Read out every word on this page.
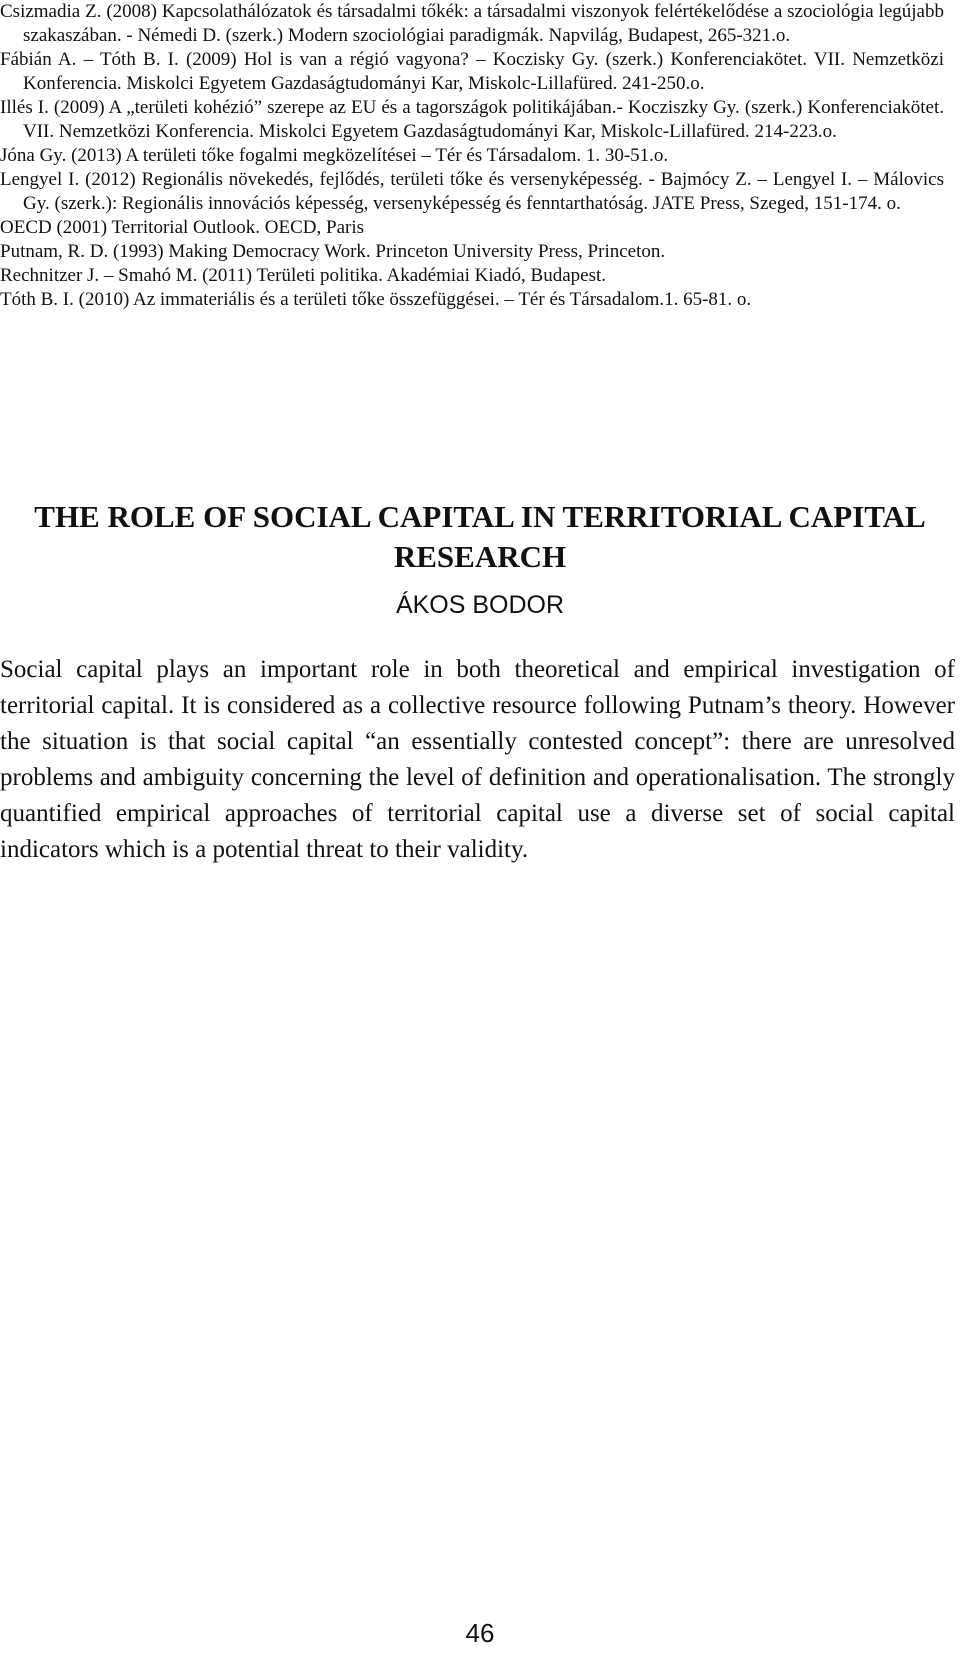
Csizmadia Z. (2008) Kapcsolathálózatok és társadalmi tőkék: a társadalmi viszonyok felértékelődése a szociológia legújabb szakaszában. - Némedi D. (szerk.) Modern szociológiai paradigmák. Napvilág, Budapest, 265-321.o.

Fábián A. – Tóth B. I. (2009) Hol is van a régió vagyona? – Koczisky Gy. (szerk.) Konferenciakötet. VII. Nemzetközi Konferencia. Miskolci Egyetem Gazdaságtudományi Kar, Miskolc-Lillafüred. 241-250.o.

Illés I. (2009) A „területi kohézió” szerepe az EU és a tagországok politikájában.- Kocziszky Gy. (szerk.) Konferenciakötet. VII. Nemzetközi Konferencia. Miskolci Egyetem Gazdaságtudományi Kar, Miskolc-Lillafüred. 214-223.o.

Jóna Gy. (2013) A területi tőke fogalmi megközelítései – Tér és Társadalom. 1. 30-51.o.

Lengyel I. (2012) Regionális növekedés, fejlődés, területi tőke és versenyképesség. - Bajmócy Z. – Lengyel I. – Málovics Gy. (szerk.): Regionális innovációs képesség, versenyképesség és fenntarthatóság. JATE Press, Szeged, 151-174. o.

OECD (2001) Territorial Outlook. OECD, Paris

Putnam, R. D. (1993) Making Democracy Work. Princeton University Press, Princeton.

Rechnitzer J. – Smahó M. (2011) Területi politika. Akadémiai Kiadó, Budapest.

Tóth B. I. (2010) Az immateriális és a területi tőke összefüggései. – Tér és Társadalom.1. 65-81. o.

THE ROLE OF SOCIAL CAPITAL IN TERRITORIAL CAPITAL RESEARCH

ÁKOS BODOR

Social capital plays an important role in both theoretical and empirical investigation of territorial capital. It is considered as a collective resource following Putnam’s theory. However the situation is that social capital “an essentially contested concept”: there are unresolved problems and ambiguity concerning the level of definition and operationalisation. The strongly quantified empirical approaches of territorial capital use a diverse set of social capital indicators which is a potential threat to their validity.

46
